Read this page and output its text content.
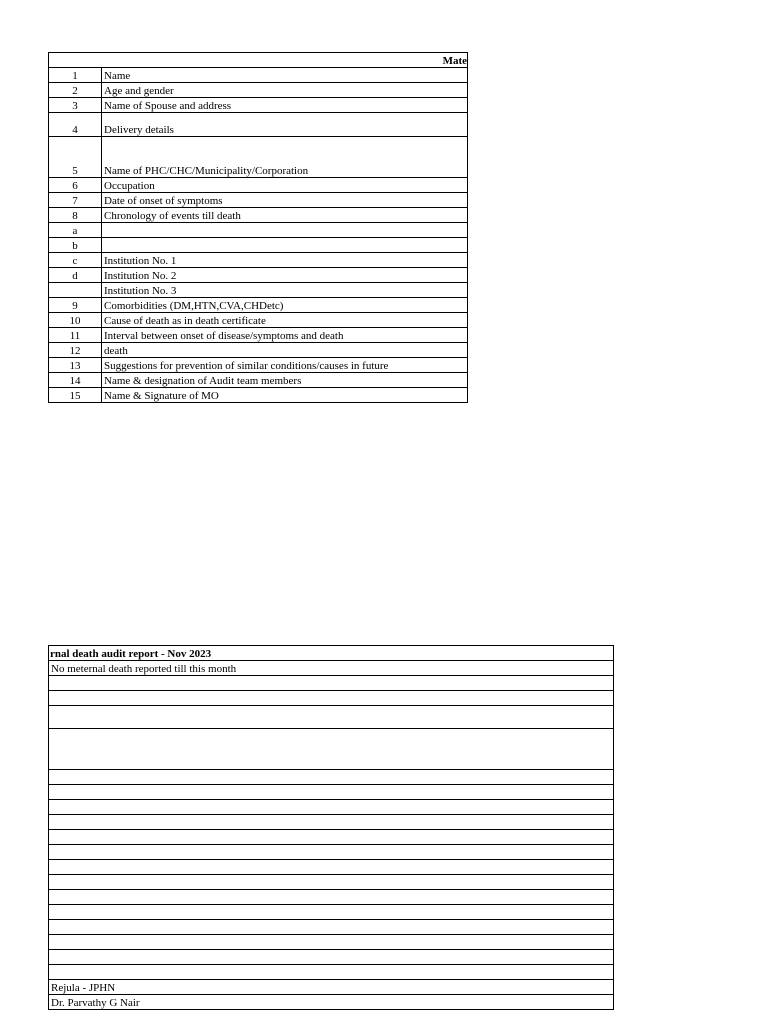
Mate	
1	Name
2	Age and gender
3	Name of Spouse and address
4	Delivery details
5	Name of PHC/CHC/Municipality/Corporation
6	Occupation
7	Date of onset of symptoms
8	Chronology of events till death
a	
b	
c	Institution No. 1
d	Institution No. 2
	Institution No. 3
9	Comorbidities (DM,HTN,CVA,CHDetc)
10	Cause of death as in death certificate
11	Interval between onset of disease/symptoms and death
12	death
13	Suggestions for prevention of similar conditions/causes in future
14	Name & designation of Audit team members
15	Name & Signature of MO
rnal death audit report - Nov 2023
No meternal death reported till this month

Rejula - JPHN
Dr. Parvathy G Nair
